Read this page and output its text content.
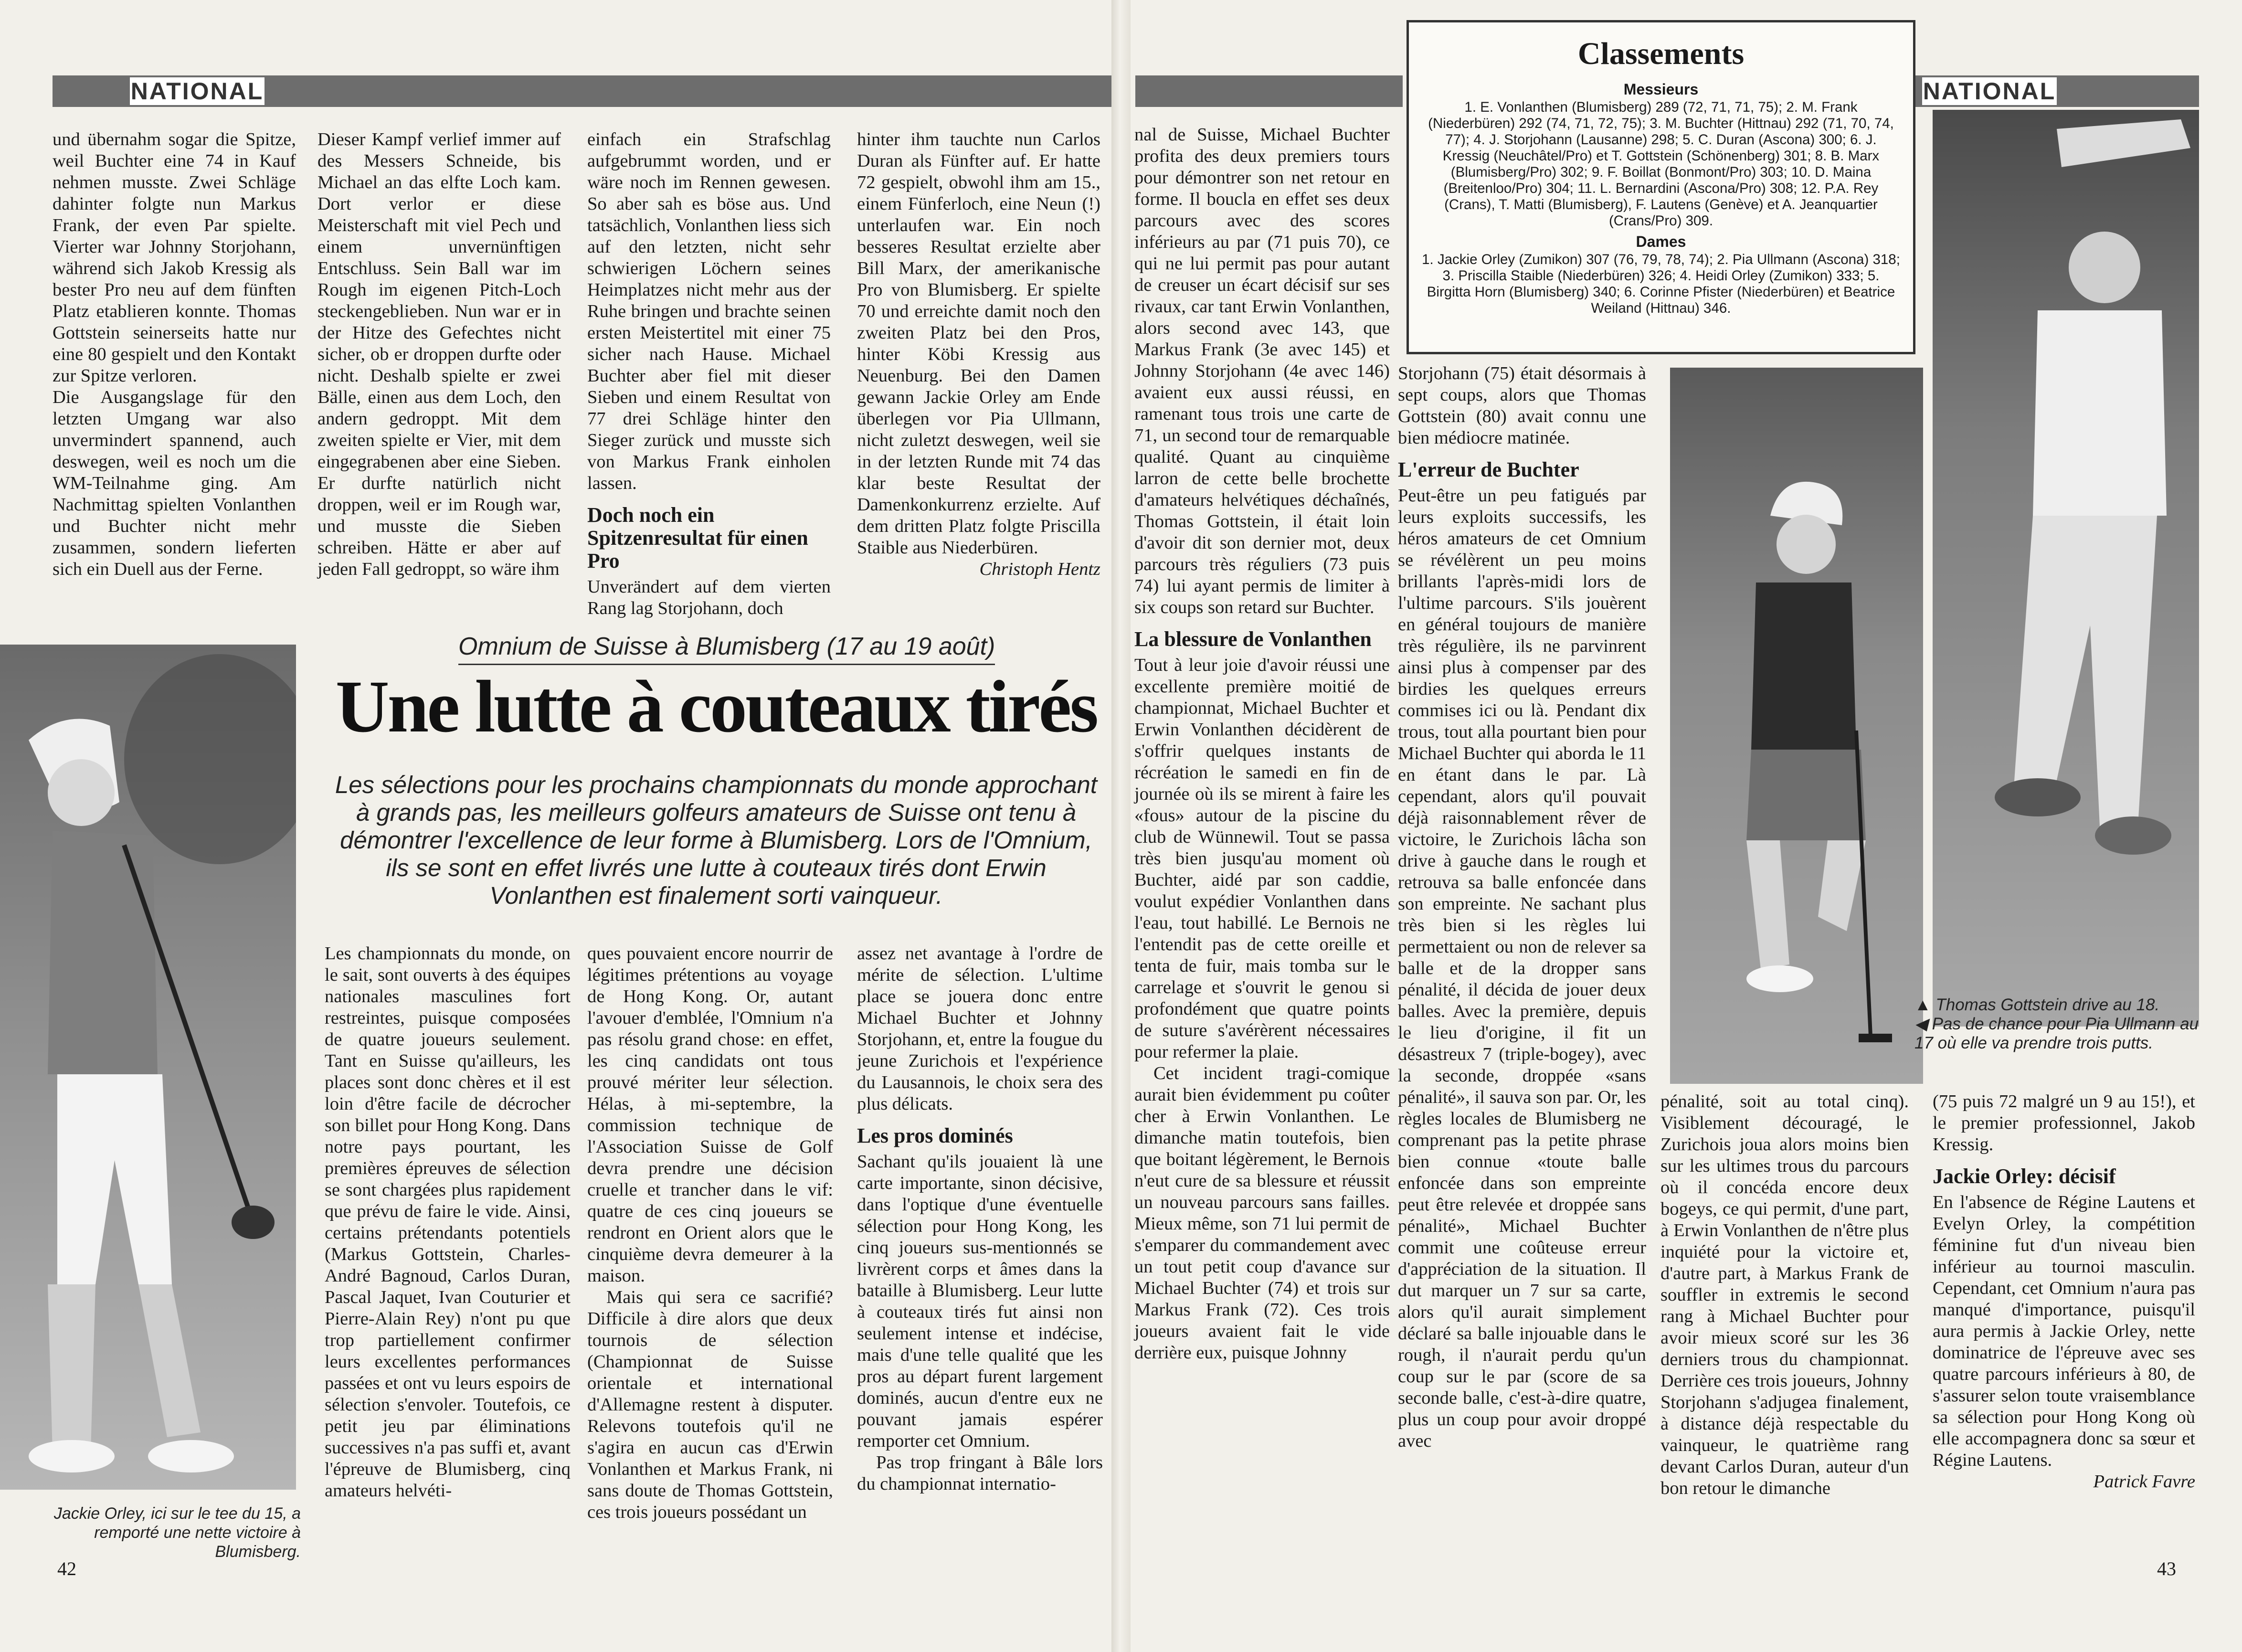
NATIONAL

und übernahm sogar die Spitze, weil Buchter eine 74 in Kauf nehmen musste. Zwei Schläge dahinter folgte nun Markus Frank, der even Par spielte. Vierter war Johnny Storjohann, während sich Jakob Kressig als bester Pro neu auf dem fünften Platz etablieren konnte. Thomas Gottstein seinerseits hatte nur eine 80 gespielt und den Kontakt zur Spitze verloren.

Die Ausgangslage für den letzten Umgang war also unvermindert spannend, auch deswegen, weil es noch um die WM-Teilnahme ging. Am Nachmittag spielten Vonlanthen und Buchter nicht mehr zusammen, sondern lieferten sich ein Duell aus der Ferne.

Dieser Kampf verlief immer auf des Messers Schneide, bis Michael an das elfte Loch kam. Dort verlor er diese Meisterschaft mit viel Pech und einem unvernünftigen Entschluss. Sein Ball war im Rough im eigenen Pitch-Loch steckengeblieben. Nun war er in der Hitze des Gefechtes nicht sicher, ob er droppen durfte oder nicht. Deshalb spielte er zwei Bälle, einen aus dem Loch, den andern gedroppt. Mit dem zweiten spielte er Vier, mit dem eingegrabenen aber eine Sieben. Er durfte natürlich nicht droppen, weil er im Rough war, und musste die Sieben schreiben. Hätte er aber auf jeden Fall gedroppt, so wäre ihm

einfach ein Strafschlag aufgebrummt worden, und er wäre noch im Rennen gewesen. So aber sah es böse aus. Und tatsächlich, Vonlanthen liess sich auf den letzten, nicht sehr schwierigen Löchern seines Heimplatzes nicht mehr aus der Ruhe bringen und brachte seinen ersten Meistertitel mit einer 75 sicher nach Hause. Michael Buchter aber fiel mit dieser Sieben und einem Resultat von 77 drei Schläge hinter den Sieger zurück und musste sich von Markus Frank einholen lassen.

Doch noch ein Spitzenresultat für einen Pro

Unverändert auf dem vierten Rang lag Storjohann, doch

hinter ihm tauchte nun Carlos Duran als Fünfter auf. Er hatte 72 gespielt, obwohl ihm am 15., einem Fünferloch, eine Neun (!) unterlaufen war. Ein noch besseres Resultat erzielte aber Bill Marx, der amerikanische Pro von Blumisberg. Er spielte 70 und erreichte damit noch den zweiten Platz bei den Pros, hinter Köbi Kressig aus Neuenburg. Bei den Damen gewann Jackie Orley am Ende überlegen vor Pia Ullmann, nicht zuletzt deswegen, weil sie in der letzten Runde mit 74 das klar beste Resultat der Damenkonkurrenz erzielte. Auf dem dritten Platz folgte Priscilla Staible aus Niederbüren.

Christoph Hentz
Jackie Orley, ici sur le tee du 15, a remporté une nette victoire à Blumisberg.
Omnium de Suisse à Blumisberg (17 au 19 août)
Une lutte à couteaux tirés
Les sélections pour les prochains championnats du monde approchant à grands pas, les meilleurs golfeurs amateurs de Suisse ont tenu à démontrer l'excellence de leur forme à Blumisberg. Lors de l'Omnium, ils se sont en effet livrés une lutte à couteaux tirés dont Erwin Vonlanthen est finalement sorti vainqueur.

Les championnats du monde, on le sait, sont ouverts à des équipes nationales masculines fort restreintes, puisque composées de quatre joueurs seulement. Tant en Suisse qu'ailleurs, les places sont donc chères et il est loin d'être facile de décrocher son billet pour Hong Kong. Dans notre pays pourtant, les premières épreuves de sélection se sont chargées plus rapidement que prévu de faire le vide. Ainsi, certains prétendants potentiels (Markus Gottstein, Charles-André Bagnoud, Carlos Duran, Pascal Jaquet, Ivan Couturier et Pierre-Alain Rey) n'ont pu que trop partiellement confirmer leurs excellentes performances passées et ont vu leurs espoirs de sélection s'envoler. Toutefois, ce petit jeu par éliminations successives n'a pas suffi et, avant l'épreuve de Blumisberg, cinq amateurs helvéti-

ques pouvaient encore nourrir de légitimes prétentions au voyage de Hong Kong. Or, autant l'avouer d'emblée, l'Omnium n'a pas résolu grand chose: en effet, les cinq candidats ont tous prouvé mériter leur sélection. Hélas, à mi-septembre, la commission technique de l'Association Suisse de Golf devra prendre une décision cruelle et trancher dans le vif: quatre de ces cinq joueurs se rendront en Orient alors que le cinquième devra demeurer à la maison.

Mais qui sera ce sacrifié? Difficile à dire alors que deux tournois de sélection (Championnat de Suisse orientale et international d'Allemagne restent à disputer. Relevons toutefois qu'il ne s'agira en aucun cas d'Erwin Vonlanthen et Markus Frank, ni sans doute de Thomas Gottstein, ces trois joueurs possédant un

assez net avantage à l'ordre de mérite de sélection. L'ultime place se jouera donc entre Michael Buchter et Johnny Storjohann, et, entre la fougue du jeune Zurichois et l'expérience du Lausannois, le choix sera des plus délicats.

Les pros dominés

Sachant qu'ils jouaient là une carte importante, sinon décisive, dans l'optique d'une éventuelle sélection pour Hong Kong, les cinq joueurs sus-mentionnés se livrèrent corps et âmes dans la bataille à Blumisberg. Leur lutte à couteaux tirés fut ainsi non seulement intense et indécise, mais d'une telle qualité que les pros au départ furent largement dominés, aucun d'entre eux ne pouvant jamais espérer remporter cet Omnium.

Pas trop fringant à Bâle lors du championnat internatio-

42
NATIONAL

nal de Suisse, Michael Buchter profita des deux premiers tours pour démontrer son net retour en forme. Il boucla en effet ses deux parcours avec des scores inférieurs au par (71 puis 70), ce qui ne lui permit pas pour autant de creuser un écart décisif sur ses rivaux, car tant Erwin Vonlanthen, alors second avec 143, que Markus Frank (3e avec 145) et Johnny Storjohann (4e avec 146) avaient eux aussi réussi, en ramenant tous trois une carte de 71, un second tour de remarquable qualité. Quant au cinquième larron de cette belle brochette d'amateurs helvétiques déchaînés, Thomas Gottstein, il était loin d'avoir dit son dernier mot, deux parcours très réguliers (73 puis 74) lui ayant permis de limiter à six coups son retard sur Buchter.

La blessure de Vonlanthen

Tout à leur joie d'avoir réussi une excellente première moitié de championnat, Michael Buchter et Erwin Vonlanthen décidèrent de s'offrir quelques instants de récréation le samedi en fin de journée où ils se mirent à faire les «fous» autour de la piscine du club de Wünnewil. Tout se passa très bien jusqu'au moment où Buchter, aidé par son caddie, voulut expédier Vonlanthen dans l'eau, tout habillé. Le Bernois ne l'entendit pas de cette oreille et tenta de fuir, mais tomba sur le carrelage et s'ouvrit le genou si profondément que quatre points de suture s'avérèrent nécessaires pour refermer la plaie.

Cet incident tragi-comique aurait bien évidemment pu coûter cher à Erwin Vonlanthen. Le dimanche matin toutefois, bien que boitant légèrement, le Bernois n'eut cure de sa blessure et réussit un nouveau parcours sans failles. Mieux même, son 71 lui permit de s'emparer du commandement avec un tout petit coup d'avance sur Michael Buchter (74) et trois sur Markus Frank (72). Ces trois joueurs avaient fait le vide derrière eux, puisque Johnny

Storjohann (75) était désormais à sept coups, alors que Thomas Gottstein (80) avait connu une bien médiocre matinée.

L'erreur de Buchter

Peut-être un peu fatigués par leurs exploits successifs, les héros amateurs de cet Omnium se révélèrent un peu moins brillants l'après-midi lors de l'ultime parcours. S'ils jouèrent en général toujours de manière très régulière, ils ne parvinrent ainsi plus à compenser par des birdies les quelques erreurs commises ici ou là. Pendant dix trous, tout alla pourtant bien pour Michael Buchter qui aborda le 11 en étant dans le par. Là cependant, alors qu'il pouvait déjà raisonnablement rêver de victoire, le Zurichois lâcha son drive à gauche dans le rough et retrouva sa balle enfoncée dans son empreinte. Ne sachant plus très bien si les règles lui permettaient ou non de relever sa balle et de la dropper sans pénalité, il décida de jouer deux balles. Avec la première, depuis le lieu d'origine, il fit un désastreux 7 (triple-bogey), avec la seconde, droppée «sans pénalité», il sauva son par. Or, les règles locales de Blumisberg ne comprenant pas la petite phrase bien connue «toute balle enfoncée dans son empreinte peut être relevée et droppée sans pénalité», Michael Buchter commit une coûteuse erreur d'appréciation de la situation. Il dut marquer un 7 sur sa carte, alors qu'il aurait simplement déclaré sa balle injouable dans le rough, il n'aurait perdu qu'un coup sur le par (score de sa seconde balle, c'est-à-dire quatre, plus un coup pour avoir droppé avec

▲ Thomas Gottstein drive au 18.
◀ Pas de chance pour Pia Ullmann au 17 où elle va prendre trois putts.

pénalité, soit au total cinq). Visiblement découragé, le Zurichois joua alors moins bien sur les ultimes trous du parcours où il concéda encore deux bogeys, ce qui permit, d'une part, à Erwin Vonlanthen de n'être plus inquiété pour la victoire et, d'autre part, à Markus Frank de souffler in extremis le second rang à Michael Buchter pour avoir mieux scoré sur les 36 derniers trous du championnat. Derrière ces trois joueurs, Johnny Storjohann s'adjugea finalement, à distance déjà respectable du vainqueur, le quatrième rang devant Carlos Duran, auteur d'un bon retour le dimanche

(75 puis 72 malgré un 9 au 15!), et le premier professionnel, Jakob Kressig.

Jackie Orley: décisif

En l'absence de Régine Lautens et Evelyn Orley, la compétition féminine fut d'un niveau bien inférieur au tournoi masculin. Cependant, cet Omnium n'aura pas manqué d'importance, puisqu'il aura permis à Jackie Orley, nette dominatrice de l'épreuve avec ses quatre parcours inférieurs à 80, de s'assurer selon toute vraisemblance sa sélection pour Hong Kong où elle accompagnera donc sa sœur et Régine Lautens.

Patrick Favre
43
Classements
Messieurs

1. E. Vonlanthen (Blumisberg) 289 (72, 71, 71, 75); 2. M. Frank (Niederbüren) 292 (74, 71, 72, 75); 3. M. Buchter (Hittnau) 292 (71, 70, 74, 77); 4. J. Storjohann (Lausanne) 298; 5. C. Duran (Ascona) 300; 6. J. Kressig (Neuchâtel/Pro) et T. Gottstein (Schönenberg) 301; 8. B. Marx (Blumisberg/Pro) 302; 9. F. Boillat (Bonmont/Pro) 303; 10. D. Maina (Breitenloo/Pro) 304; 11. L. Bernardini (Ascona/Pro) 308; 12. P.A. Rey (Crans), T. Matti (Blumisberg), F. Lautens (Genève) et A. Jeanquartier (Crans/Pro) 309.

Dames

1. Jackie Orley (Zumikon) 307 (76, 79, 78, 74); 2. Pia Ullmann (Ascona) 318; 3. Priscilla Staible (Niederbüren) 326; 4. Heidi Orley (Zumikon) 333; 5. Birgitta Horn (Blumisberg) 340; 6. Corinne Pfister (Niederbüren) et Beatrice Weiland (Hittnau) 346.
